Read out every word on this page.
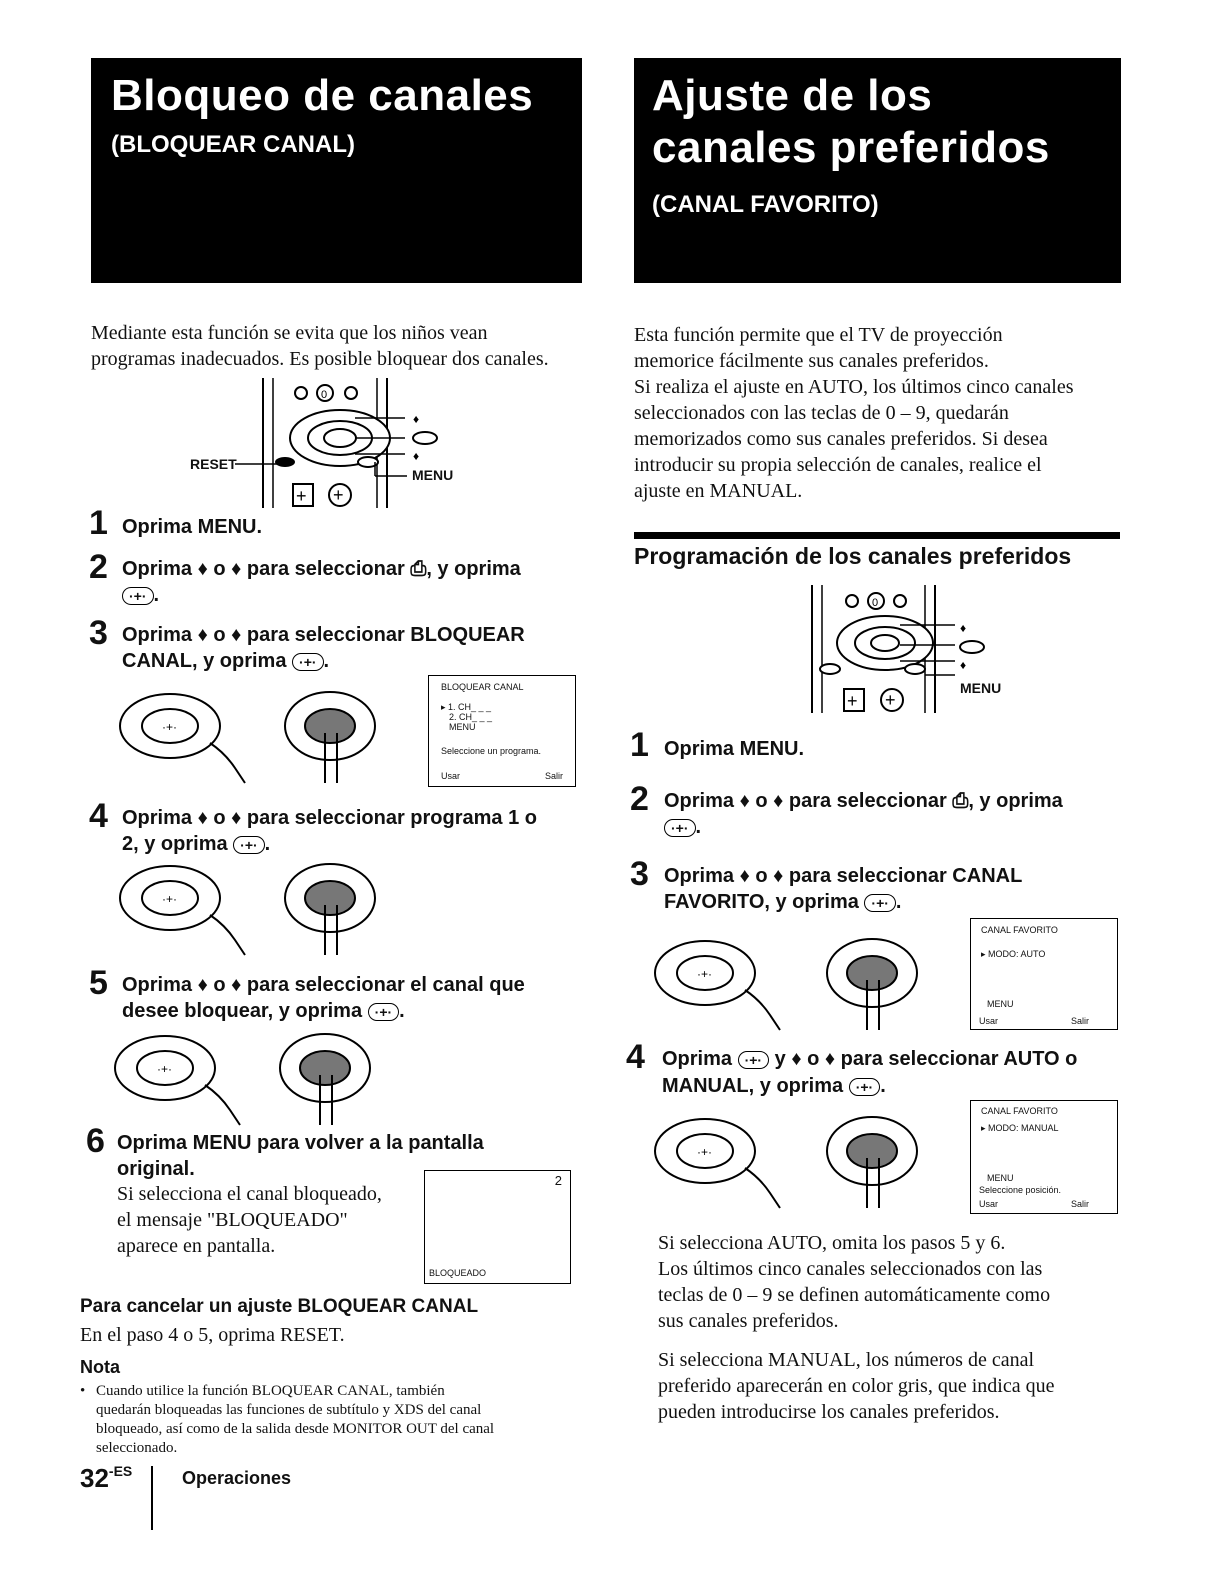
Bloqueo de canales
(BLOQUEAR CANAL)
Mediante esta función se evita que los niños vean
programas inadecuados. Es posible bloquear dos canales.
0
♦
♦
+ +
RESET
MENU
1 Oprima MENU.
2 Oprima ♦ o ♦ para seleccionar ⎙, y oprima
·+· .
3 Oprima ♦ o ♦ para seleccionar BLOQUEAR
CANAL, y oprima ·+· .
·+·
BLOQUEAR CANAL
▸ 1. CH_ _ _
2. CH_ _ _
MENU
Seleccione un programa.
Usar	Salir
4 Oprima ♦ o ♦ para seleccionar programa 1 o
2, y oprima ·+· .
·+·
5 Oprima ♦ o ♦ para seleccionar el canal que
desee bloquear, y oprima ·+· .
·+·
6 Oprima MENU para volver a la pantalla
original.
Si selecciona el canal bloqueado,
el mensaje "BLOQUEADO"
aparece en pantalla.
2
BLOQUEADO
Para cancelar un ajuste BLOQUEAR CANAL
En el paso 4 o 5, oprima RESET.
Nota
• Cuando utilice la función BLOQUEAR CANAL, también
quedarán bloqueadas las funciones de subtítulo y XDS del canal
bloqueado, así como de la salida desde MONITOR OUT del canal
seleccionado.
32-ES	Operaciones
Ajuste de los
canales preferidos
(CANAL FAVORITO)
Esta función permite que el TV de proyección
memorice fácilmente sus canales preferidos.
Si realiza el ajuste en AUTO, los últimos cinco canales
seleccionados con las teclas de 0 – 9, quedarán
memorizados como sus canales preferidos. Si desea
introducir su propia selección de canales, realice el
ajuste en MANUAL.
Programación de los canales preferidos
0
♦
♦
+ +
MENU
1 Oprima MENU.
2 Oprima ♦ o ♦ para seleccionar ⎙, y oprima
·+· .
3 Oprima ♦ o ♦ para seleccionar CANAL
FAVORITO, y oprima ·+· .
·+·
CANAL FAVORITO
▸ MODO: AUTO
MENU
Usar	Salir
4 Oprima ·+· y ♦ o ♦ para seleccionar AUTO o
MANUAL, y oprima ·+· .
·+·
CANAL FAVORITO
▸ MODO: MANUAL
MENU
Seleccione posición.
Usar	Salir
Si selecciona AUTO, omita los pasos 5 y 6.
Los últimos cinco canales seleccionados con las
teclas de 0 – 9 se definen automáticamente como
sus canales preferidos.
Si selecciona MANUAL, los números de canal
preferido aparecerán en color gris, que indica que
pueden introducirse los canales preferidos.
